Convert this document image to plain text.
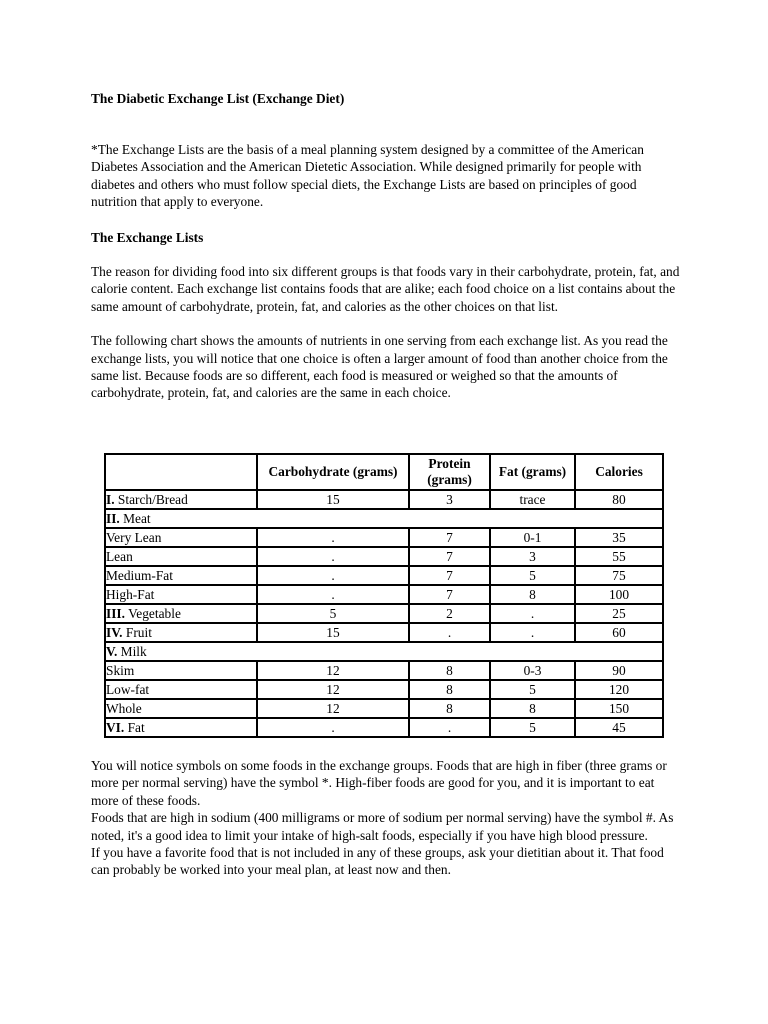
The Diabetic Exchange List (Exchange Diet)

*The Exchange Lists are the basis of a meal planning system designed by a committee of the American Diabetes Association and the American Dietetic Association. While designed primarily for people with diabetes and others who must follow special diets, the Exchange Lists are based on principles of good nutrition that apply to everyone.

The Exchange Lists

The reason for dividing food into six different groups is that foods vary in their carbohydrate, protein, fat, and calorie content. Each exchange list contains foods that are alike; each food choice on a list contains about the same amount of carbohydrate, protein, fat, and calories as the other choices on that list.

The following chart shows the amounts of nutrients in one serving from each exchange list. As you read the exchange lists, you will notice that one choice is often a larger amount of food than another choice from the same list. Because foods are so different, each food is measured or weighed so that the amounts of carbohydrate, protein, fat, and calories are the same in each choice.

	Carbohydrate (grams)	Protein (grams)	Fat (grams)	Calories
I. Starch/Bread	15	3	trace	80
II. Meat				
Very Lean	.	7	0-1	35
Lean	.	7	3	55
Medium-Fat	.	7	5	75
High-Fat	.	7	8	100
III. Vegetable	5	2	.	25
IV. Fruit	15	.	.	60
V. Milk				
Skim	12	8	0-3	90
Low-fat	12	8	5	120
Whole	12	8	8	150
VI. Fat	.	.	5	45

You will notice symbols on some foods in the exchange groups. Foods that are high in fiber (three grams or more per normal serving) have the symbol *. High-fiber foods are good for you, and it is important to eat more of these foods.

Foods that are high in sodium (400 milligrams or more of sodium per normal serving) have the symbol #. As noted, it's a good idea to limit your intake of high-salt foods, especially if you have high blood pressure.

If you have a favorite food that is not included in any of these groups, ask your dietitian about it. That food can probably be worked into your meal plan, at least now and then.
